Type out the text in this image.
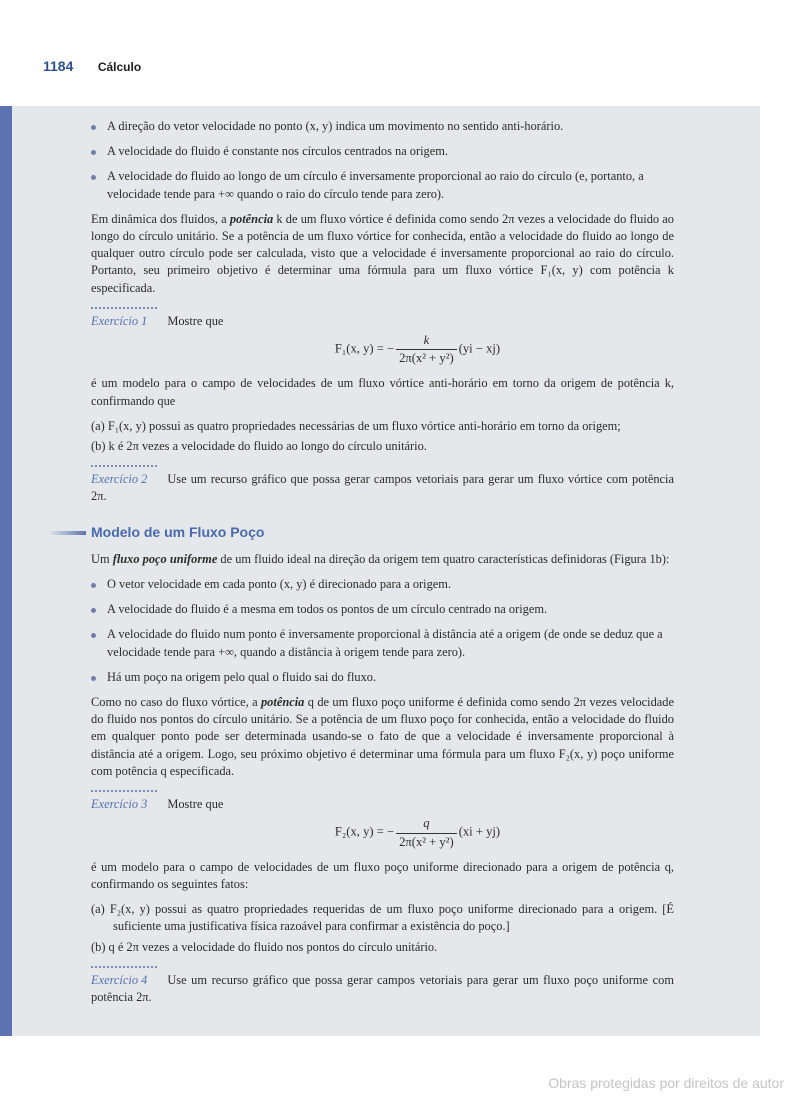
1184 Cálculo
A direção do vetor velocidade no ponto (x, y) indica um movimento no sentido anti-horário.
A velocidade do fluido é constante nos círculos centrados na origem.
A velocidade do fluido ao longo de um círculo é inversamente proporcional ao raio do círculo (e, portanto, a velocidade tende para +∞ quando o raio do círculo tende para zero).

Em dinâmica dos fluidos, a potência k de um fluxo vórtice é definida como sendo 2π vezes a velocidade do fluido ao longo do círculo unitário. Se a potência de um fluxo vórtice for conhecida, então a velocidade do fluido ao longo de qualquer outro círculo pode ser calculada, visto que a velocidade é inversamente proporcional ao raio do círculo. Portanto, seu primeiro objetivo é determinar uma fórmula para um fluxo vórtice F₁(x, y) com potência k especificada.

Exercício 1 Mostre que
F₁(x, y) = − $\frac{k}{\text{2π(x² + y²)}} (yi - xj)$

é um modelo para o campo de velocidades de um fluxo vórtice anti-horário em torno da origem de potência k, confirmando que

(a) F₁(x, y) possui as quatro propriedades necessárias de um fluxo vórtice anti-horário em torno da origem;
(b) k é 2π vezes a velocidade do fluido ao longo do círculo unitário.

Exercício 2 Use um recurso gráfico que possa gerar campos vetoriais para gerar um fluxo vórtice com potência 2π.

Modelo de um Fluxo Poço

Um fluxo poço uniforme de um fluido ideal na direção da origem tem quatro características definidoras (Figura 1b):

O vetor velocidade em cada ponto (x, y) é direcionado para a origem.
A velocidade do fluido é a mesma em todos os pontos de um círculo centrado na origem.
A velocidade do fluido num ponto é inversamente proporcional à distância até a origem (de onde se deduz que a velocidade tende para +∞, quando a distância à origem tende para zero).
Há um poço na origem pelo qual o fluido sai do fluxo.

Como no caso do fluxo vórtice, a potência q de um fluxo poço uniforme é definida como sendo 2π vezes velocidade do fluido nos pontos do círculo unitário. Se a potência de um fluxo poço for conhecida, então a velocidade do fluido em qualquer ponto pode ser determinada usando-se o fato de que a velocidade é inversamente proporcional à distância até a origem. Logo, seu próximo objetivo é determinar uma fórmula para um fluxo F₂(x, y) poço uniforme com potência q especificada.

Exercício 3 Mostre que
F₂(x, y) = − $\frac{q}{\text{2π(x² + y²)}} (xi + yj)$

é um modelo para o campo de velocidades de um fluxo poço uniforme direcionado para a origem de potência q, confirmando os seguintes fatos:

(a) F₂(x, y) possui as quatro propriedades requeridas de um fluxo poço uniforme direcionado para a origem. [É suficiente uma justificativa física razoável para confirmar a existência do poço.]
(b) q é 2π vezes a velocidade do fluido nos pontos do círculo unitário.

Exercício 4 Use um recurso gráfico que possa gerar campos vetoriais para gerar um fluxo poço uniforme com potência 2π.

Obras protegidas por direitos de autor
